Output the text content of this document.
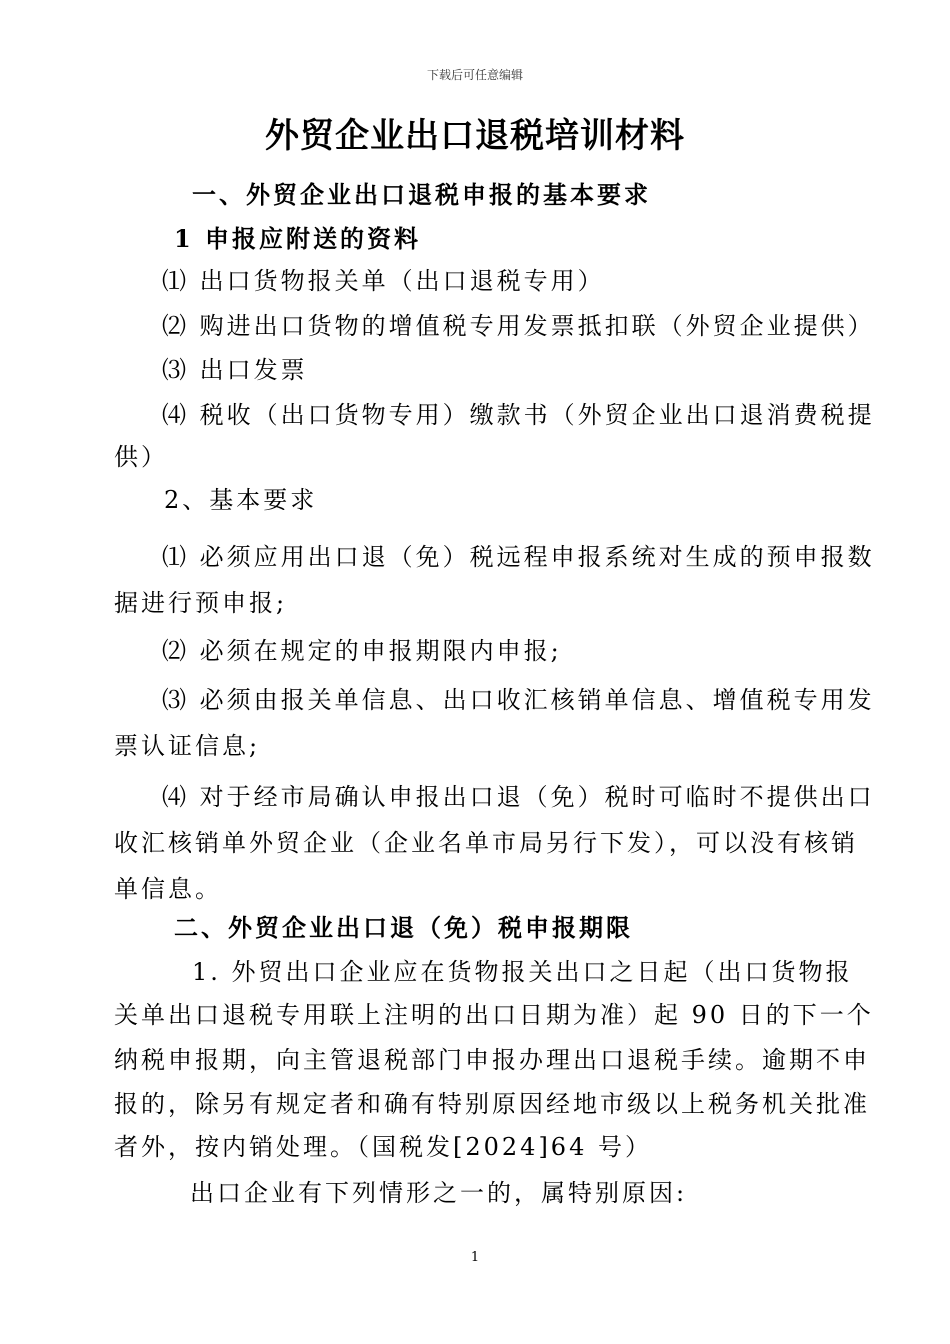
下载后可任意编辑
外贸企业出口退税培训材料
一、外贸企业出口退税申报的基本要求
1 申报应附送的资料
⑴ 出口货物报关单（出口退税专用）
⑵ 购进出口货物的增值税专用发票抵扣联（外贸企业提供）
⑶ 出口发票
⑷ 税收（出口货物专用）缴款书（外贸企业出口退消费税提
供）
2、基本要求
⑴ 必须应用出口退（免）税远程申报系统对生成的预申报数
据进行预申报;
⑵ 必须在规定的申报期限内申报;
⑶ 必须由报关单信息、出口收汇核销单信息、增值税专用发
票认证信息;
⑷ 对于经市局确认申报出口退（免）税时可临时不提供出口
收汇核销单外贸企业（企业名单市局另行下发），可以没有核销
单信息。
二、外贸企业出口退（免）税申报期限
1. 外贸出口企业应在货物报关出口之日起（出口货物报
关单出口退税专用联上注明的出口日期为准）起 90 日的下一个
纳税申报期，向主管退税部门申报办理出口退税手续。逾期不申
报的，除另有规定者和确有特别原因经地市级以上税务机关批准
者外，按内销处理。（国税发[2024]64 号）
出口企业有下列情形之一的，属特别原因:
1
